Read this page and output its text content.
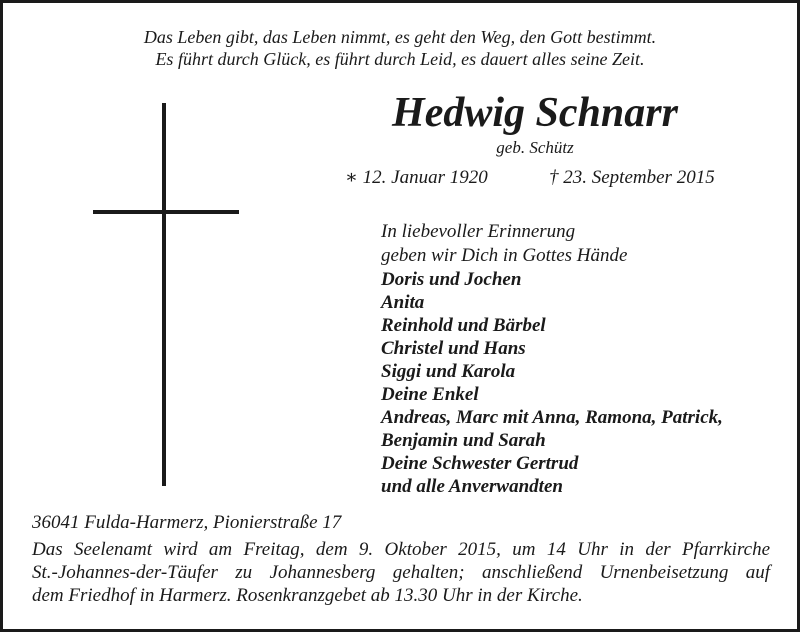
Das Leben gibt, das Leben nimmt, es geht den Weg, den Gott bestimmt.
Es führt durch Glück, es führt durch Leid, es dauert alles seine Zeit.
Hedwig Schnarr
geb. Schütz
∗ 12. Januar 1920	† 23. September 2015
In liebevoller Erinnerung
geben wir Dich in Gottes Hände
Doris und Jochen
Anita
Reinhold und Bärbel
Christel und Hans
Siggi und Karola
Deine Enkel
Andreas, Marc mit Anna, Ramona, Patrick,
Benjamin und Sarah
Deine Schwester Gertrud
und alle Anverwandten
36041 Fulda-Harmerz, Pionierstraße 17
Das Seelenamt wird am Freitag, dem 9. Oktober 2015, um 14 Uhr in der Pfarrkirche
St.-Johannes-der-Täufer zu Johannesberg gehalten; anschließend Urnenbeisetzung auf
dem Friedhof in Harmerz. Rosenkranzgebet ab 13.30 Uhr in der Kirche.
